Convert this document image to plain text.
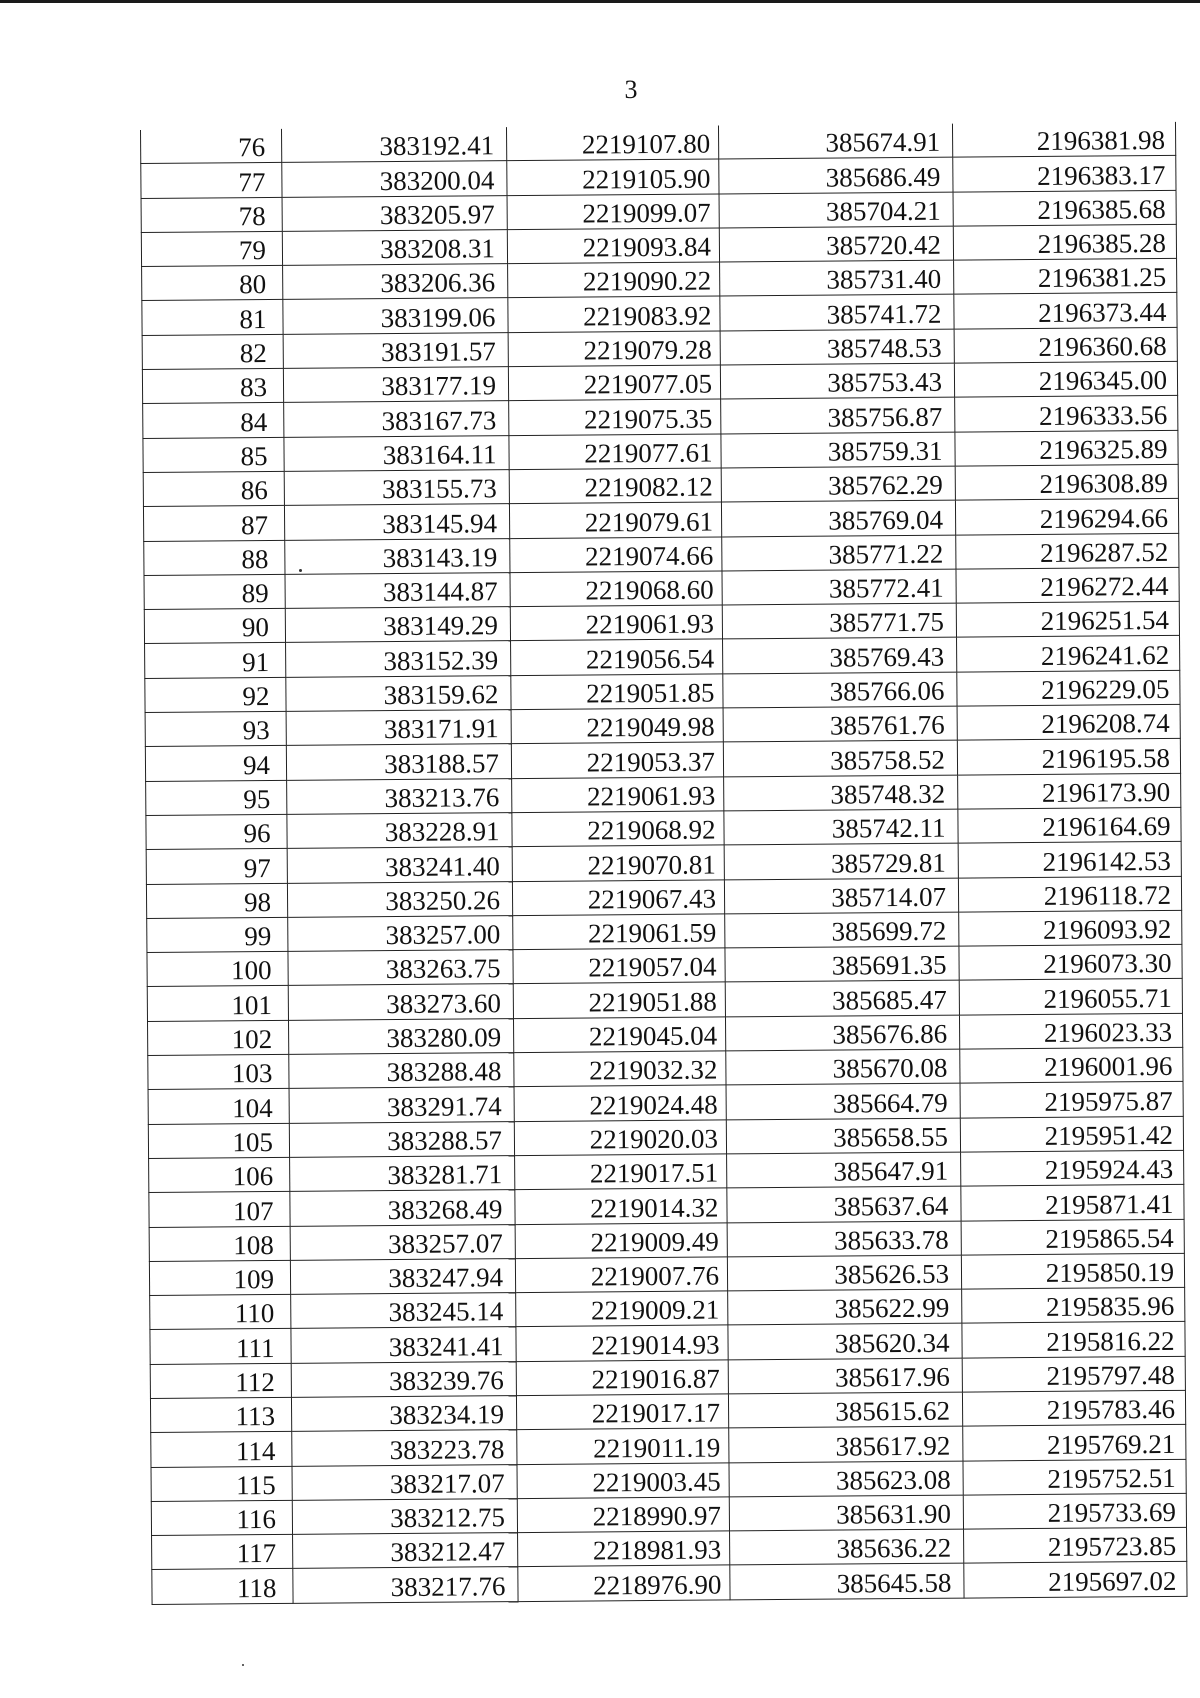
3
76	383192.41	2219107.80	385674.91	2196381.98
77	383200.04	2219105.90	385686.49	2196383.17
78	383205.97	2219099.07	385704.21	2196385.68
79	383208.31	2219093.84	385720.42	2196385.28
80	383206.36	2219090.22	385731.40	2196381.25
81	383199.06	2219083.92	385741.72	2196373.44
82	383191.57	2219079.28	385748.53	2196360.68
83	383177.19	2219077.05	385753.43	2196345.00
84	383167.73	2219075.35	385756.87	2196333.56
85	383164.11	2219077.61	385759.31	2196325.89
86	383155.73	2219082.12	385762.29	2196308.89
87	383145.94	2219079.61	385769.04	2196294.66
88	383143.19	2219074.66	385771.22	2196287.52
89	383144.87	2219068.60	385772.41	2196272.44
90	383149.29	2219061.93	385771.75	2196251.54
91	383152.39	2219056.54	385769.43	2196241.62
92	383159.62	2219051.85	385766.06	2196229.05
93	383171.91	2219049.98	385761.76	2196208.74
94	383188.57	2219053.37	385758.52	2196195.58
95	383213.76	2219061.93	385748.32	2196173.90
96	383228.91	2219068.92	385742.11	2196164.69
97	383241.40	2219070.81	385729.81	2196142.53
98	383250.26	2219067.43	385714.07	2196118.72
99	383257.00	2219061.59	385699.72	2196093.92
100	383263.75	2219057.04	385691.35	2196073.30
101	383273.60	2219051.88	385685.47	2196055.71
102	383280.09	2219045.04	385676.86	2196023.33
103	383288.48	2219032.32	385670.08	2196001.96
104	383291.74	2219024.48	385664.79	2195975.87
105	383288.57	2219020.03	385658.55	2195951.42
106	383281.71	2219017.51	385647.91	2195924.43
107	383268.49	2219014.32	385637.64	2195871.41
108	383257.07	2219009.49	385633.78	2195865.54
109	383247.94	2219007.76	385626.53	2195850.19
110	383245.14	2219009.21	385622.99	2195835.96
111	383241.41	2219014.93	385620.34	2195816.22
112	383239.76	2219016.87	385617.96	2195797.48
113	383234.19	2219017.17	385615.62	2195783.46
114	383223.78	2219011.19	385617.92	2195769.21
115	383217.07	2219003.45	385623.08	2195752.51
116	383212.75	2218990.97	385631.90	2195733.69
117	383212.47	2218981.93	385636.22	2195723.85
118	383217.76	2218976.90	385645.58	2195697.02
